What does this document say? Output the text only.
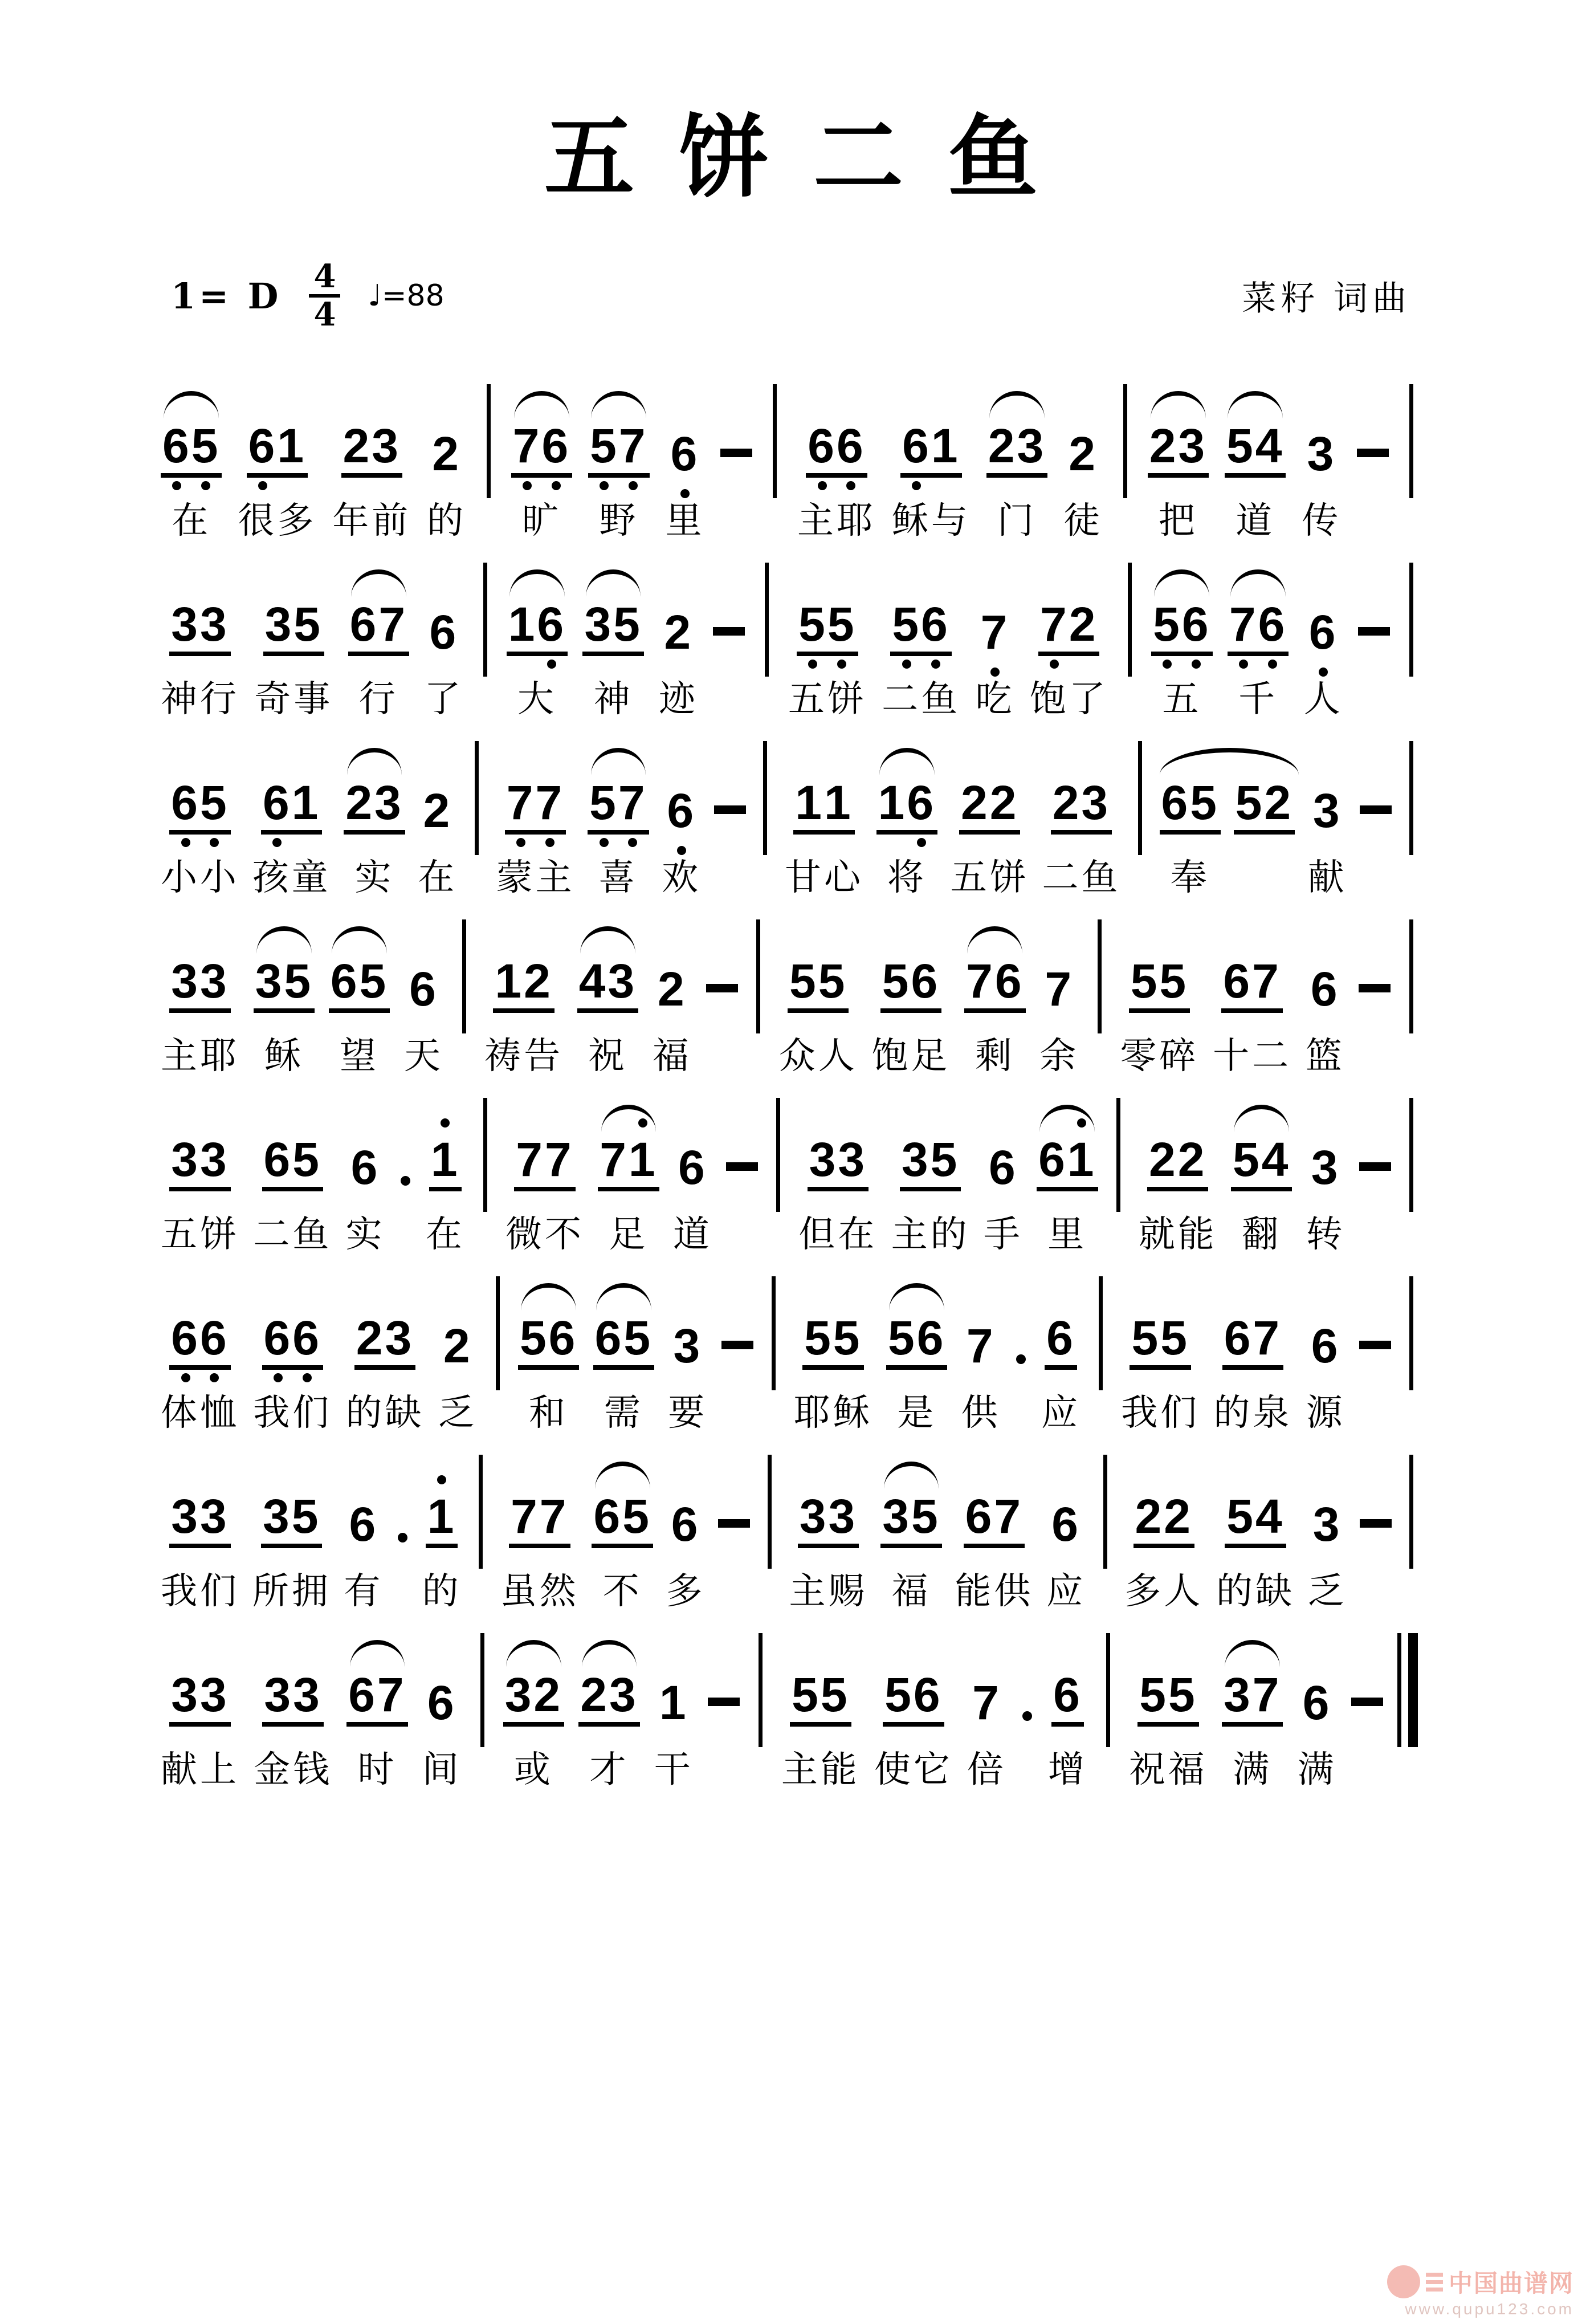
五饼二鱼
1= D $\frac{4}{4}$ ♩=88	菜籽 词曲
6 5
在
6 1
很多
2 3
年前
2
的

7 6
旷
5 7
野
6
里

6 6
主耶
6 1
稣与
2 3
门
2
徒

2 3
把
5 4
道
3
传

3 3
神行
3 5
奇事
6 7
行
6
了

1 6
大
3 5
神
2
迹

5 5
五饼
5 6
二鱼
7
吃
7 2
饱了

5 6
五
7 6
千
6
人

6 5
小小
6 1
孩童
2 3
实
2
在

7 7
蒙主
5 7
喜
6
欢

1 1
甘心
1 6
将
2 2
五饼
2 3
二鱼

6 5
奉
5 2
3
献

3 3
主耶
3 5
稣
6 5
望
6
天

1 2
祷告
4 3
祝
2
福

5 5
众人
5 6
饱足
7 6
剩
7
余

5 5
零碎
6 7
十二
6
篮

3 3
五饼
6 5
二鱼
6
实

1
在

7 7
微不
7 1
足
6
道

3 3
但在
3 5
主的
6
手
6 1
里

2 2
就能
5 4
翻
3
转

6 6
体恤
6 6
我们
2 3
的缺
2
乏

5 6
和
6 5
需
3
要

5 5
耶稣
5 6
是
7
供

6
应

5 5
我们
6 7
的泉
6
源

3 3
我们
3 5
所拥
6
有

1
的

7 7
虽然
6 5
不
6
多

3 3
主赐
3 5
福
6 7
能供
6
应

2 2
多人
5 4
的缺
3
乏

3 3
献上
3 3
金钱
6 7
时
6
间

3 2
或
2 3
才
1
干

5 5
主能
5 6
使它
7
倍

6
增

5 5
祝福
3 7
满
6
满

中国曲谱网
www.qupu123.com
